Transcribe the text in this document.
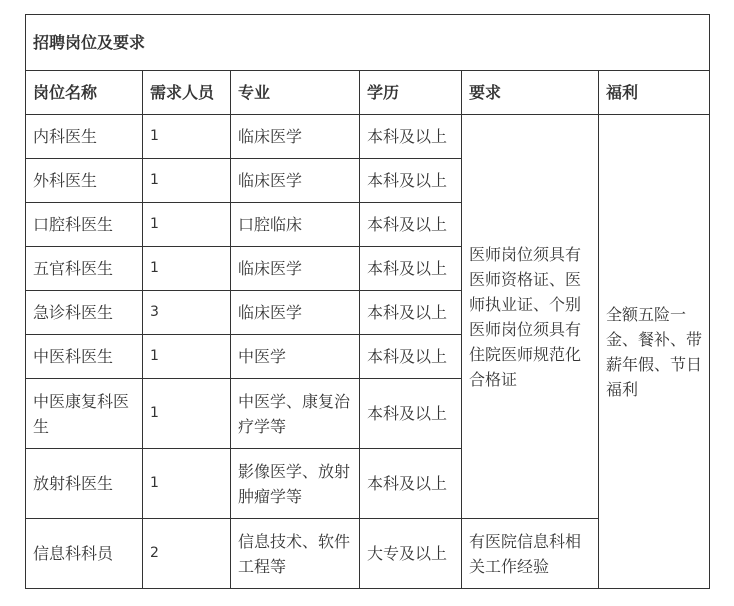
招聘岗位及要求					
岗位名称	需求人员	专业	学历	要求	福利
内科医生	1	临床医学	本科及以上	医师岗位须具有医师资格证、医师执业证、个别医师岗位须具有住院医师规范化合格证	全额五险一金、餐补、带薪年假、节日福利
外科医生	1	临床医学	本科及以上		
口腔科医生	1	口腔临床	本科及以上		
五官科医生	1	临床医学	本科及以上		
急诊科医生	3	临床医学	本科及以上		
中医科医生	1	中医学	本科及以上		
中医康复科医生	1	中医学、康复治疗学等	本科及以上		
放射科医生	1	影像医学、放射肿瘤学等	本科及以上		
信息科科员	2	信息技术、软件工程等	大专及以上	有医院信息科相关工作经验	
